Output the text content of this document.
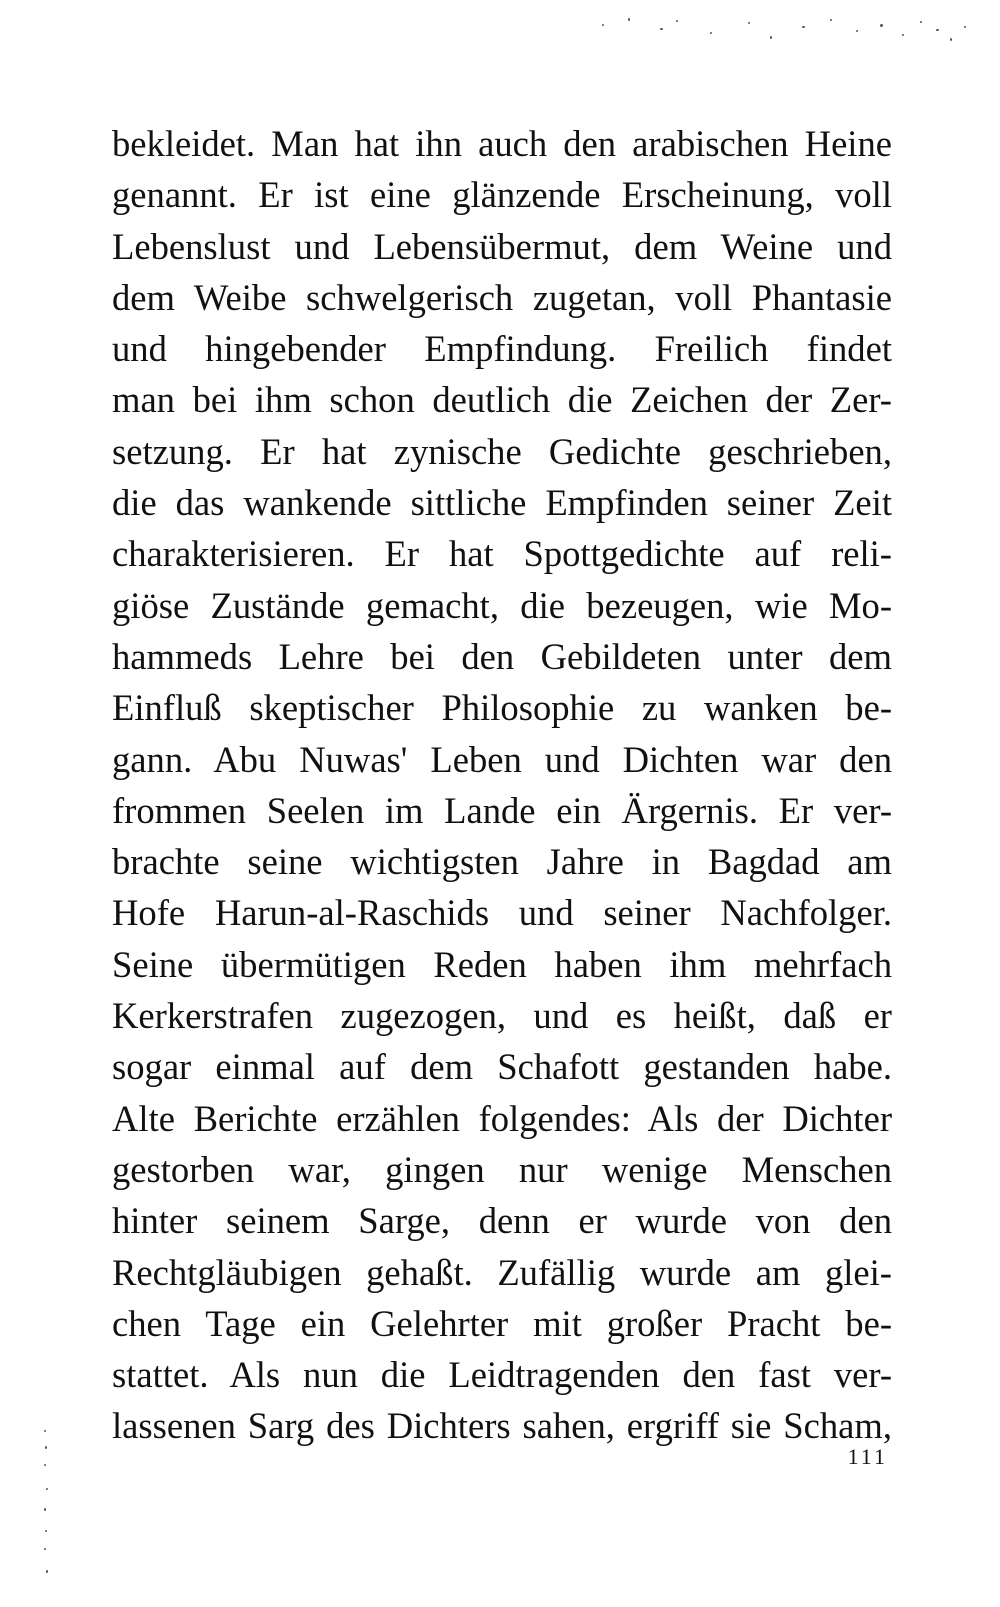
bekleidet. Man hat ihn auch den arabischen Heine
genannt. Er ist eine glänzende Erscheinung, voll
Lebenslust und Lebensübermut, dem Weine und
dem Weibe schwelgerisch zugetan, voll Phantasie
und hingebender Empfindung. Freilich findet
man bei ihm schon deutlich die Zeichen der Zer-
setzung. Er hat zynische Gedichte geschrieben,
die das wankende sittliche Empfinden seiner Zeit
charakterisieren. Er hat Spottgedichte auf reli-
giöse Zustände gemacht, die bezeugen, wie Mo-
hammeds Lehre bei den Gebildeten unter dem
Einfluß skeptischer Philosophie zu wanken be-
gann. Abu Nuwas' Leben und Dichten war den
frommen Seelen im Lande ein Ärgernis. Er ver-
brachte seine wichtigsten Jahre in Bagdad am
Hofe Harun-al-Raschids und seiner Nachfolger.
Seine übermütigen Reden haben ihm mehrfach
Kerkerstrafen zugezogen, und es heißt, daß er
sogar einmal auf dem Schafott gestanden habe.
Alte Berichte erzählen folgendes: Als der Dichter
gestorben war, gingen nur wenige Menschen
hinter seinem Sarge, denn er wurde von den
Rechtgläubigen gehaßt. Zufällig wurde am glei-
chen Tage ein Gelehrter mit großer Pracht be-
stattet. Als nun die Leidtragenden den fast ver-
lassenen Sarg des Dichters sahen, ergriff sie Scham,
111
